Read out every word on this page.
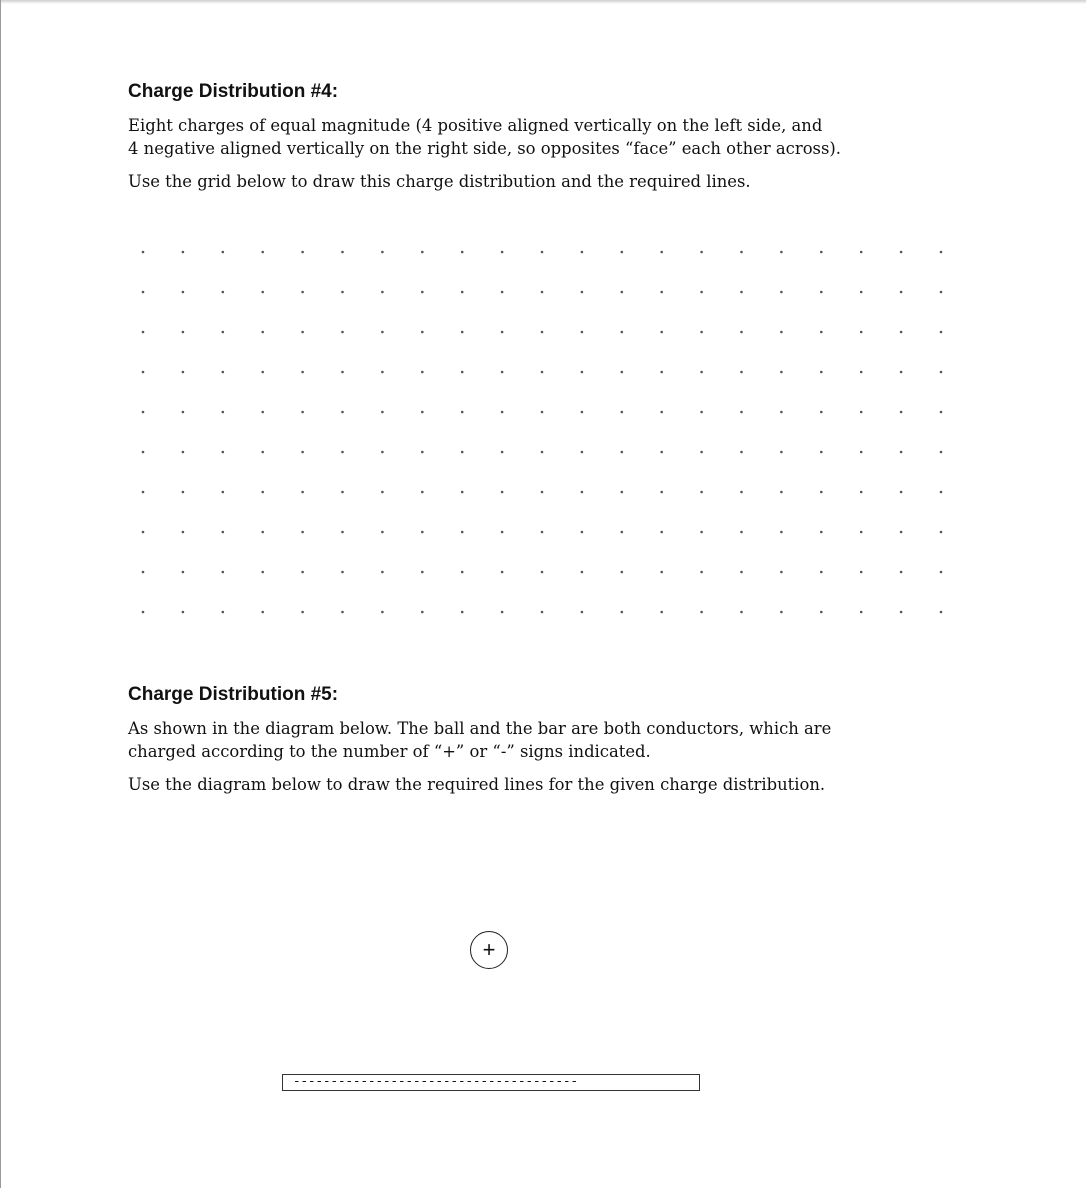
Charge Distribution #4:

Eight charges of equal magnitude (4 positive aligned vertically on the left side, and

4 negative aligned vertically on the right side, so opposites “face” each other across).

Use the grid below to draw this charge distribution and the required lines.

Charge Distribution #5:

As shown in the diagram below. The ball and the bar are both conductors, which are

charged according to the number of “+” or “-” signs indicated.

Use the diagram below to draw the required lines for the given charge distribution.

+
--------------------------------------
